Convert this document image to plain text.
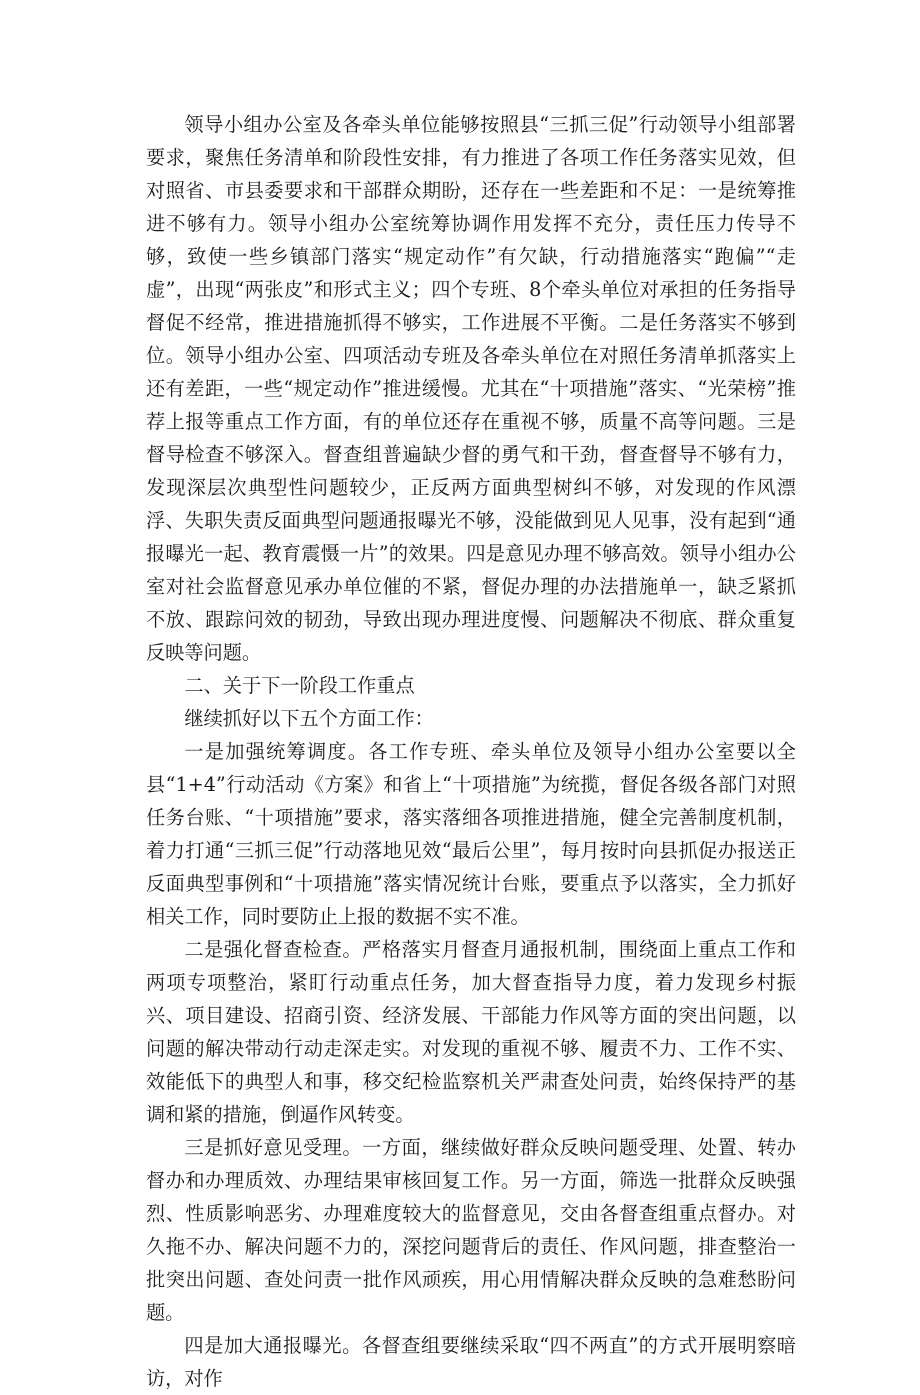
领导小组办公室及各牵头单位能够按照县“三抓三促”行动领导小组部署要求，聚焦任务清单和阶段性安排，有力推进了各项工作任务落实见效，但对照省、市县委要求和干部群众期盼，还存在一些差距和不足：一是统筹推进不够有力。领导小组办公室统筹协调作用发挥不充分，责任压力传导不够，致使一些乡镇部门落实“规定动作”有欠缺，行动措施落实“跑偏”“走虚”，出现“两张皮”和形式主义；四个专班、8个牵头单位对承担的任务指导督促不经常，推进措施抓得不够实，工作进展不平衡。二是任务落实不够到位。领导小组办公室、四项活动专班及各牵头单位在对照任务清单抓落实上还有差距，一些“规定动作”推进缓慢。尤其在“十项措施”落实、“光荣榜”推荐上报等重点工作方面，有的单位还存在重视不够，质量不高等问题。三是督导检查不够深入。督查组普遍缺少督的勇气和干劲，督查督导不够有力，发现深层次典型性问题较少，正反两方面典型树纠不够，对发现的作风漂浮、失职失责反面典型问题通报曝光不够，没能做到见人见事，没有起到“通报曝光一起、教育震慑一片”的效果。四是意见办理不够高效。领导小组办公室对社会监督意见承办单位催的不紧，督促办理的办法措施单一，缺乏紧抓不放、跟踪问效的韧劲，导致出现办理进度慢、问题解决不彻底、群众重复反映等问题。

二、关于下一阶段工作重点

继续抓好以下五个方面工作：

一是加强统筹调度。各工作专班、牵头单位及领导小组办公室要以全县“1+4”行动活动《方案》和省上“十项措施”为统揽，督促各级各部门对照任务台账、“十项措施”要求，落实落细各项推进措施，健全完善制度机制，着力打通“三抓三促”行动落地见效“最后公里”，每月按时向县抓促办报送正反面典型事例和“十项措施”落实情况统计台账，要重点予以落实，全力抓好相关工作，同时要防止上报的数据不实不准。

二是强化督查检查。严格落实月督查月通报机制，围绕面上重点工作和两项专项整治，紧盯行动重点任务，加大督查指导力度，着力发现乡村振兴、项目建设、招商引资、经济发展、干部能力作风等方面的突出问题，以问题的解决带动行动走深走实。对发现的重视不够、履责不力、工作不实、效能低下的典型人和事，移交纪检监察机关严肃查处问责，始终保持严的基调和紧的措施，倒逼作风转变。

三是抓好意见受理。一方面，继续做好群众反映问题受理、处置、转办督办和办理质效、办理结果审核回复工作。另一方面，筛选一批群众反映强烈、性质影响恶劣、办理难度较大的监督意见，交由各督查组重点督办。对久拖不办、解决问题不力的，深挖问题背后的责任、作风问题，排查整治一批突出问题、查处问责一批作风顽疾，用心用情解决群众反映的急难愁盼问题。

四是加大通报曝光。各督查组要继续采取“四不两直”的方式开展明察暗访，对作
